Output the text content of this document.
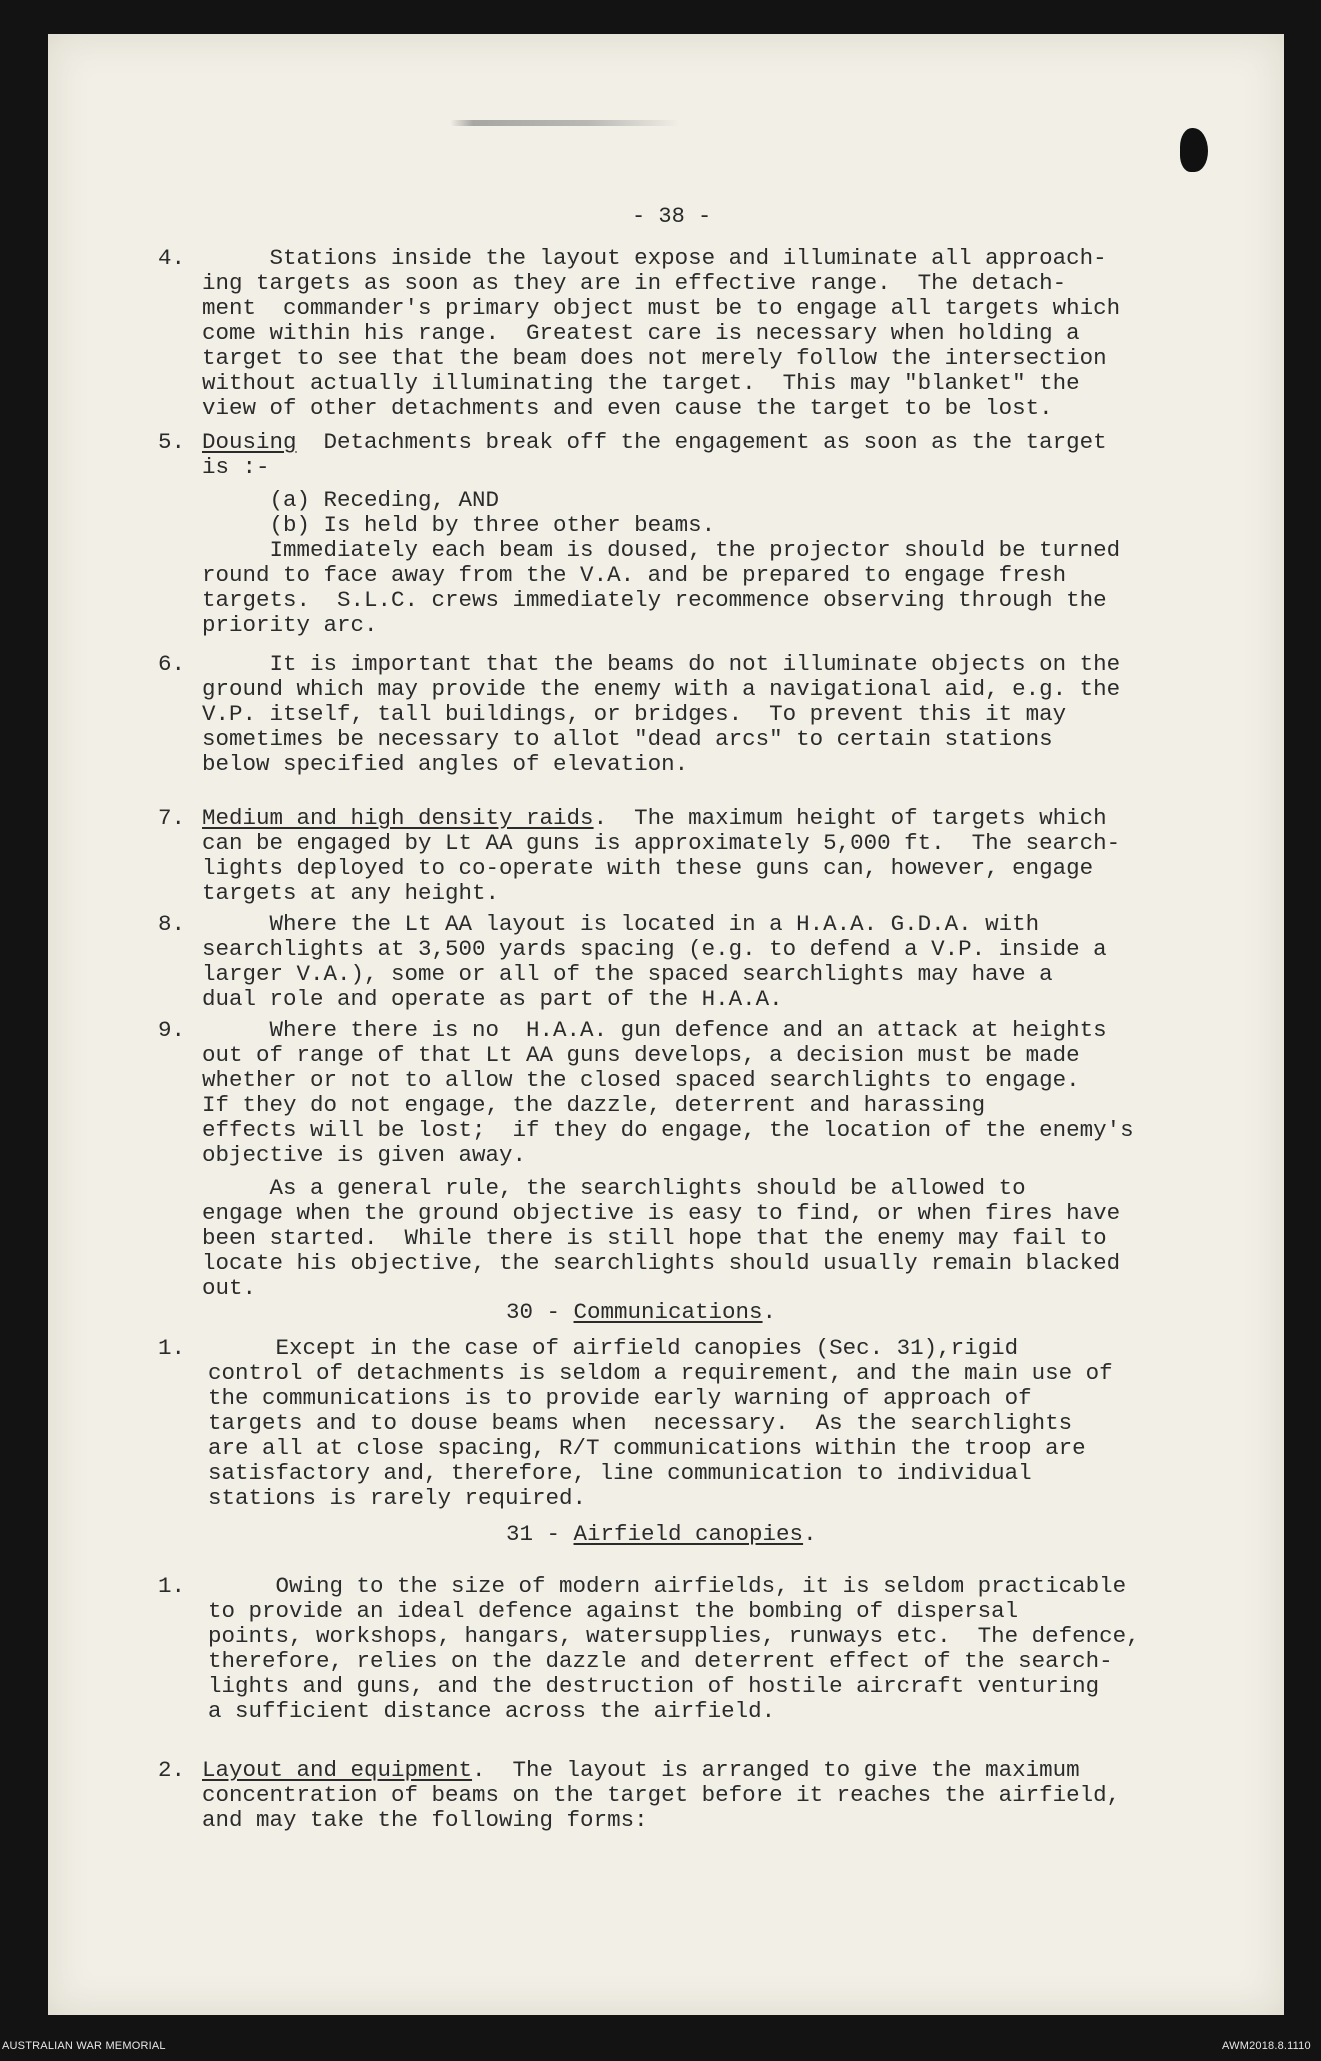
- 38 -
4. Stations inside the layout expose and illuminate all approach-
ing targets as soon as they are in effective range.  The detach-
ment  commander's primary object must be to engage all targets which
come within his range.  Greatest care is necessary when holding a
target to see that the beam does not merely follow the intersection
without actually illuminating the target.  This may "blanket" the
view of other detachments and even cause the target to be lost.
5. Dousing  Detachments break off the engagement as soon as the target
is :-
(a) Receding, AND
(b) Is held by three other beams.
Immediately each beam is doused, the projector should be turned
round to face away from the V.A. and be prepared to engage fresh
targets.  S.L.C. crews immediately recommence observing through the
priority arc.
6. It is important that the beams do not illuminate objects on the
ground which may provide the enemy with a navigational aid, e.g. the
V.P. itself, tall buildings, or bridges.  To prevent this it may
sometimes be necessary to allot "dead arcs" to certain stations
below specified angles of elevation.
7. Medium and high density raids.  The maximum height of targets which
can be engaged by Lt AA guns is approximately 5,000 ft.  The search-
lights deployed to co-operate with these guns can, however, engage
targets at any height.
8. Where the Lt AA layout is located in a H.A.A. G.D.A. with
searchlights at 3,500 yards spacing (e.g. to defend a V.P. inside a
larger V.A.), some or all of the spaced searchlights may have a
dual role and operate as part of the H.A.A.
9. Where there is no  H.A.A. gun defence and an attack at heights
out of range of that Lt AA guns develops, a decision must be made
whether or not to allow the closed spaced searchlights to engage.
If they do not engage, the dazzle, deterrent and harassing
effects will be lost;  if they do engage, the location of the enemy's
objective is given away.
As a general rule, the searchlights should be allowed to
engage when the ground objective is easy to find, or when fires have
been started.  While there is still hope that the enemy may fail to
locate his objective, the searchlights should usually remain blacked
out.
30 - Communications.
1. Except in the case of airfield canopies (Sec. 31),rigid
control of detachments is seldom a requirement, and the main use of
the communications is to provide early warning of approach of
targets and to douse beams when  necessary.  As the searchlights
are all at close spacing, R/T communications within the troop are
satisfactory and, therefore, line communication to individual
stations is rarely required.
31 - Airfield canopies.
1. Owing to the size of modern airfields, it is seldom practicable
to provide an ideal defence against the bombing of dispersal
points, workshops, hangars, watersupplies, runways etc.  The defence,
therefore, relies on the dazzle and deterrent effect of the search-
lights and guns, and the destruction of hostile aircraft venturing
a sufficient distance across the airfield.
2. Layout and equipment.  The layout is arranged to give the maximum
concentration of beams on the target before it reaches the airfield,
and may take the following forms:
AUSTRALIAN WAR MEMORIAL	AWM2018.8.1110
